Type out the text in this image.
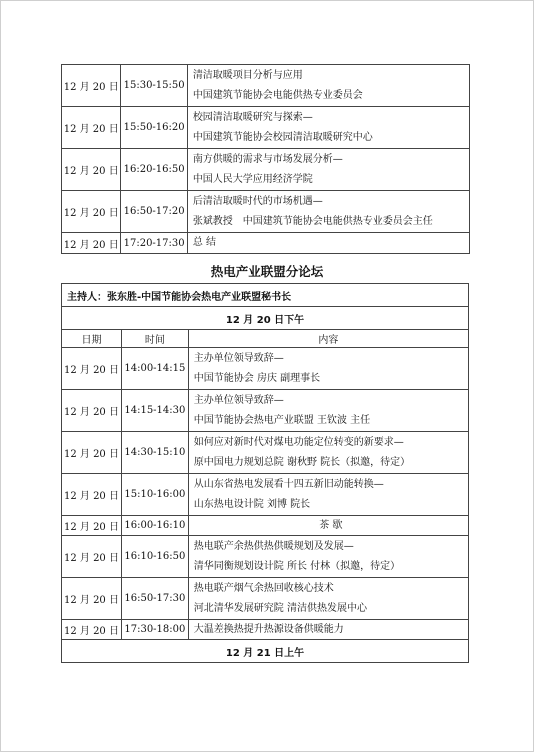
12 月 20 日	15:30-15:50	清洁取暖项目分析与应用
中国建筑节能协会电能供热专业委员会

12 月 20 日	15:50-16:20	校园清洁取暖研究与探索—
中国建筑节能协会校园清洁取暖研究中心

12 月 20 日	16:20-16:50	南方供暖的需求与市场发展分析—
中国人民大学应用经济学院

12 月 20 日	16:50-17:20	后清洁取暖时代的市场机遇—
张斌教授　中国建筑节能协会电能供热专业委员会主任

12 月 20 日	17:20-17:30	总 结
热电产业联盟分论坛
主持人：张东胜-中国节能协会热电产业联盟秘书长		
12 月 20 日下午		
日期	时间	内容
12 月 20 日	14:00-14:15	主办单位领导致辞—
中国节能协会 房庆 副理事长

12 月 20 日	14:15-14:30	主办单位领导致辞—
中国节能协会热电产业联盟 王钦波 主任

12 月 20 日	14:30-15:10	如何应对新时代对煤电功能定位转变的新要求—
原中国电力规划总院 谢秋野 院长（拟邀，待定）

12 月 20 日	15:10-16:00	从山东省热电发展看十四五新旧动能转换—
山东热电设计院 刘博 院长

12 月 20 日	16:00-16:10	茶 歇

12 月 20 日	16:10-16:50	热电联产余热供热供暖规划及发展—
清华同衡规划设计院 所长 付林（拟邀，待定）

12 月 20 日	16:50-17:30	热电联产烟气余热回收核心技术
河北清华发展研究院 清洁供热发展中心

12 月 20 日	17:30-18:00	大温差换热提升热源设备供暖能力

12 月 21 日上午		
